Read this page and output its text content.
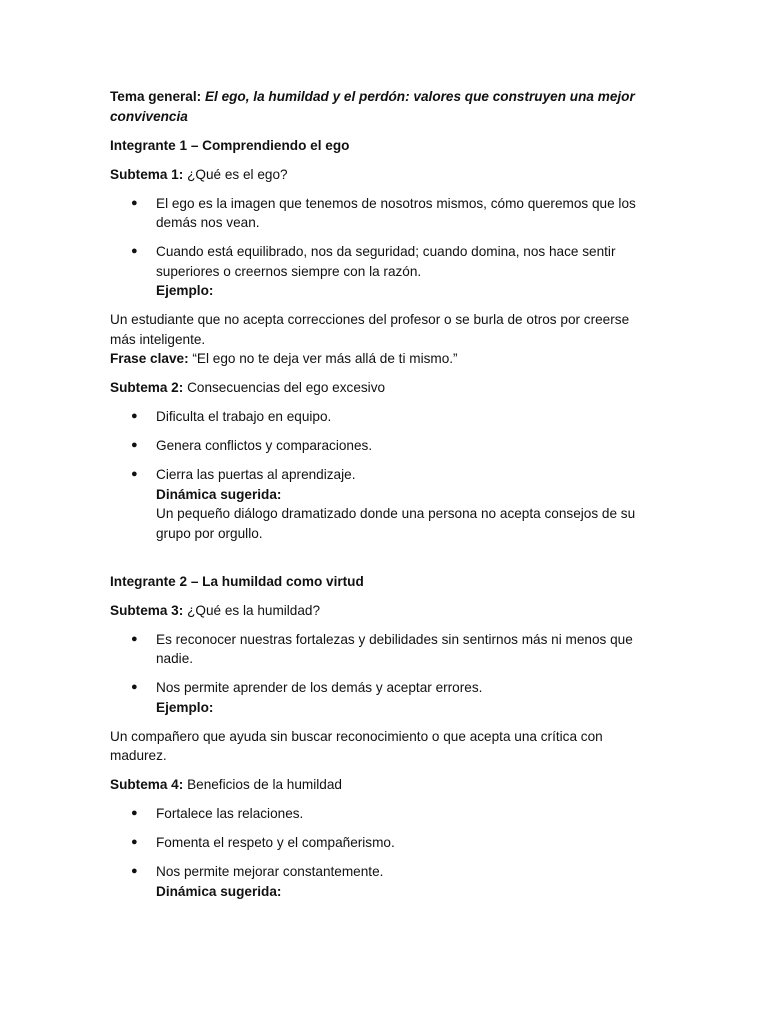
Tema general: El ego, la humildad y el perdón: valores que construyen una mejor convivencia

Integrante 1 – Comprendiendo el ego

Subtema 1: ¿Qué es el ego?

● El ego es la imagen que tenemos de nosotros mismos, cómo queremos que los demás nos vean.
● Cuando está equilibrado, nos da seguridad; cuando domina, nos hace sentir superiores o creernos siempre con la razón.
Ejemplo:

Un estudiante que no acepta correcciones del profesor o se burla de otros por creerse más inteligente.
Frase clave: “El ego no te deja ver más allá de ti mismo.”

Subtema 2: Consecuencias del ego excesivo

● Dificulta el trabajo en equipo.
● Genera conflictos y comparaciones.
● Cierra las puertas al aprendizaje.
Dinámica sugerida:
Un pequeño diálogo dramatizado donde una persona no acepta consejos de su grupo por orgullo.

Integrante 2 – La humildad como virtud

Subtema 3: ¿Qué es la humildad?

● Es reconocer nuestras fortalezas y debilidades sin sentirnos más ni menos que nadie.
● Nos permite aprender de los demás y aceptar errores.
Ejemplo:

Un compañero que ayuda sin buscar reconocimiento o que acepta una crítica con madurez.

Subtema 4: Beneficios de la humildad

● Fortalece las relaciones.
● Fomenta el respeto y el compañerismo.
● Nos permite mejorar constantemente.
Dinámica sugerida:
